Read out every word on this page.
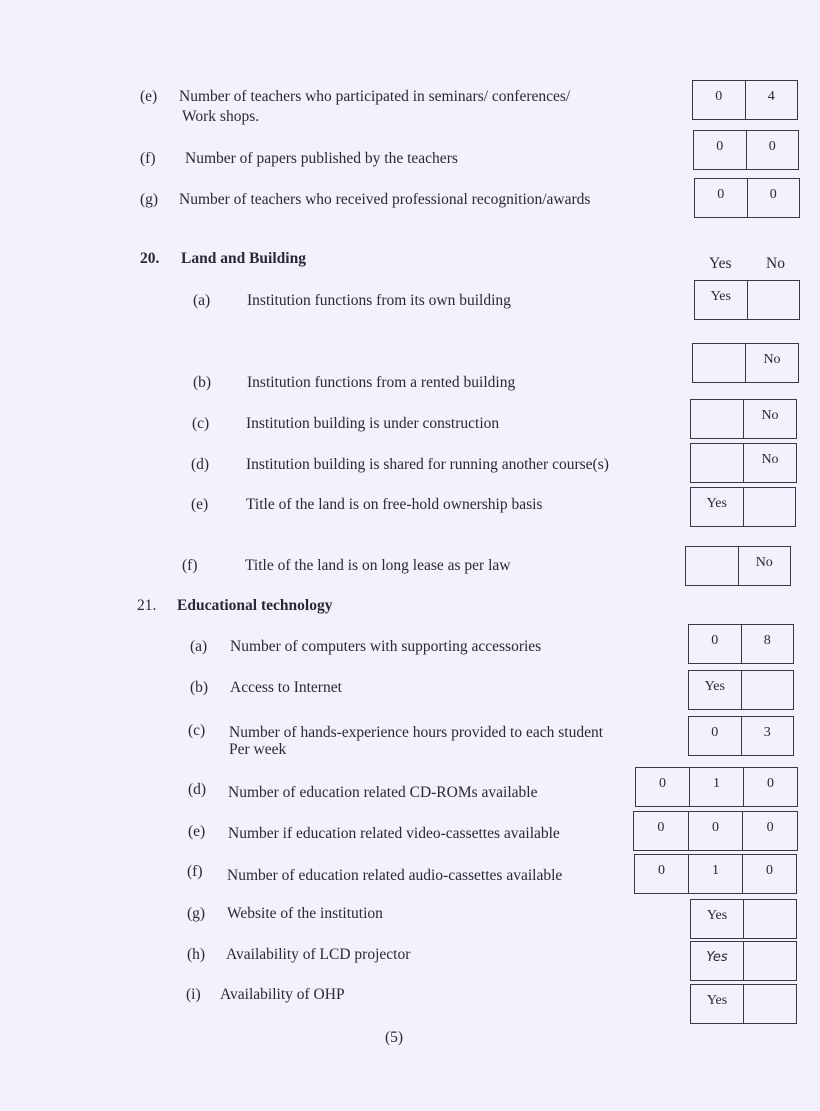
(e) Number of teachers who participated in seminars/ conferences/
Work shops.
0	4
(f) Number of papers published by the teachers
0	0
(g) Number of teachers who received professional recognition/awards	0	0
20. Land and Building	Yes No
(a) Institution functions from its own building	Yes
(b) Institution functions from a rented building
No
(c) Institution building is under construction	No
(d) Institution building is shared for running another course(s)	No
(e) Title of the land is on free-hold ownership basis	Yes
(f)	Title of the land is on long lease as per law	No
21. Educational technology
(a) Number of computers with supporting accessories	0	8
(b) Access to Internet	Yes
(c) Number of hands-experience hours provided to each student
Per week
0	3
(d) Number of education related CD-ROMs available
0	1	0
(e) Number if education related video-cassettes available	0	0	0
(f) Number of education related audio-cassettes available	0	1	0
(g) Website of the institution	Yes
(h) Availability of LCD projector	Yes
(i) Availability of OHP	Yes
(5)
